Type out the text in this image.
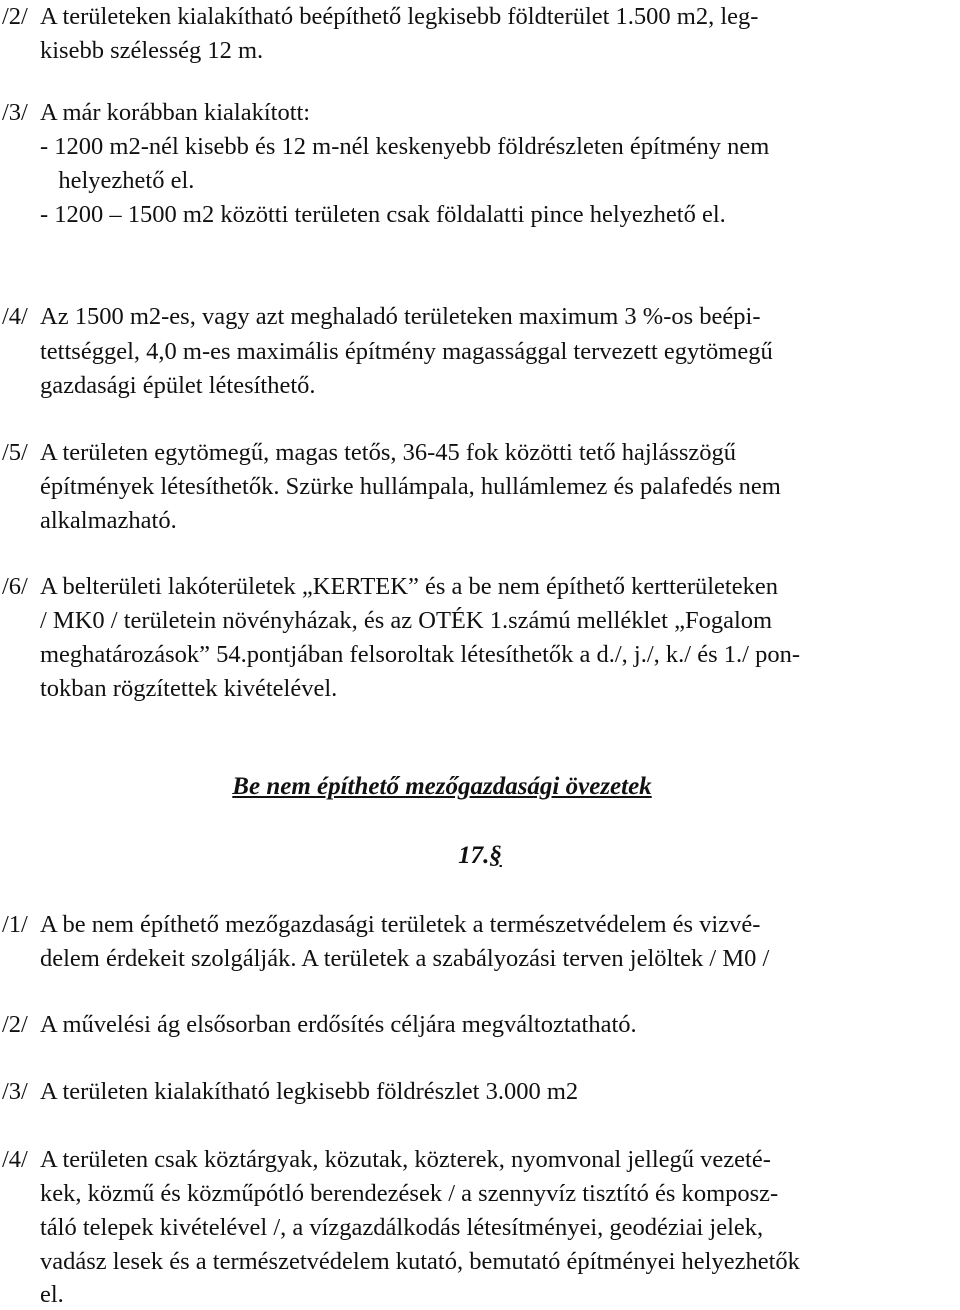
/2/ A területeken kialakítható beépíthető legkisebb földterület 1.500 m2, leg-
kisebb szélesség 12 m.
/3/ A már korábban kialakított:
- 1200 m2-nél kisebb és 12 m-nél keskenyebb földrészleten építmény nem
helyezhető el.
- 1200 – 1500 m2 közötti területen csak földalatti pince helyezhető el.
/4/ Az 1500 m2-es, vagy azt meghaladó területeken maximum 3 %-os beépi-
tettséggel, 4,0 m-es maximális építmény magassággal tervezett egytömegű
gazdasági épület létesíthető.
/5/ A területen egytömegű, magas tetős, 36-45 fok közötti tető hajlásszögű
építmények létesíthetők. Szürke hullámpala, hullámlemez és palafedés nem
alkalmazható.
/6/ A belterületi lakóterületek „KERTEK” és a be nem építhető kertterületeken
/ MK0 / területein növényházak, és az OTÉK 1.számú melléklet „Fogalom
meghatározások” 54.pontjában felsoroltak létesíthetők a d./, j./, k./ és 1./ pon-
tokban rögzítettek kivételével.
Be nem építhető mezőgazdasági övezetek
17.§
/1/ A be nem építhető mezőgazdasági területek a természetvédelem és vizvé-
delem érdekeit szolgálják. A területek a szabályozási terven jelöltek / M0 /
/2/ A művelési ág elsősorban erdősítés céljára megváltoztatható.
/3/ A területen kialakítható legkisebb földrészlet 3.000 m2
/4/ A területen csak köztárgyak, közutak, közterek, nyomvonal jellegű vezeté-
kek, közmű és közműpótló berendezések / a szennyvíz tisztító és komposz-
táló telepek kivételével /, a vízgazdálkodás létesítményei, geodéziai jelek,
vadász lesek és a természetvédelem kutató, bemutató építményei helyezhetők
el.
